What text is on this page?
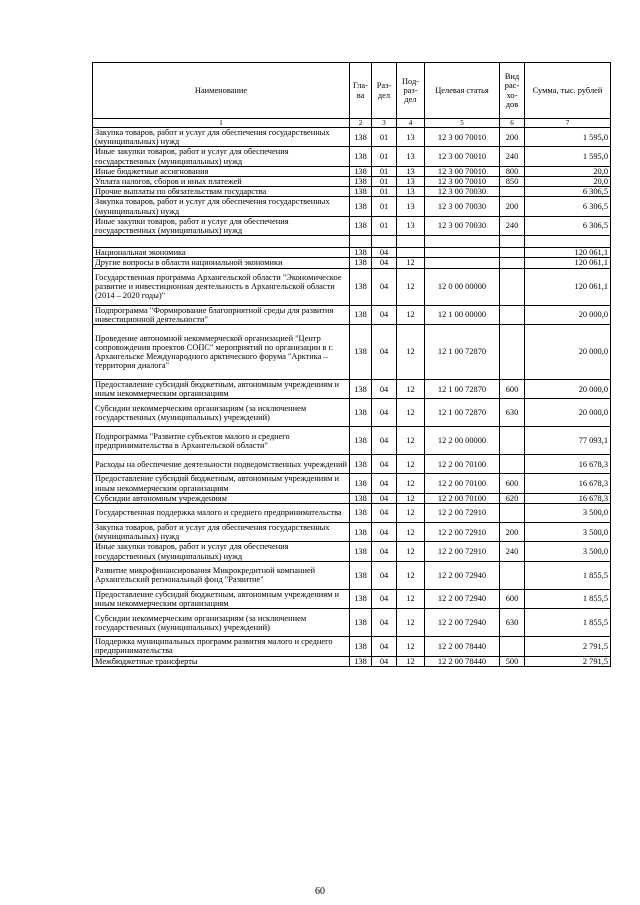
Наименование	Гла-ва	Раз-дел	Под-раз-дел	Целевая статья	Вид рас-хо-дов	Сумма, тыс. рублей
1	2	3	4	5	6	7
Закупка товаров, работ и услуг для обеспечения государственных (муниципальных) нужд	138	01	13	12 3 00 70010	200	1 595,0
Иные закупки товаров, работ и услуг для обеспечения государственных (муниципальных) нужд	138	01	13	12 3 00 70010	240	1 595,0
Иные бюджетные ассигнования	138	01	13	12 3 00 70010	800	20,0
Уплата налогов, сборов и иных платежей	138	01	13	12 3 00 70010	850	20,0
Прочие выплаты по обязательствам государства	138	01	13	12 3 00 70030		6 306,5
Закупка товаров, работ и услуг для обеспечения государственных (муниципальных) нужд	138	01	13	12 3 00 70030	200	6 306,5
Иные закупки товаров, работ и услуг для обеспечения государственных (муниципальных) нужд	138	01	13	12 3 00 70030	240	6 306,5

Национальная экономика	138	04				120 061,1
Другие вопросы в области национальной экономики	138	04	12			120 061,1
Государственная программа Архангельской области "Экономическое развитие и инвестиционная деятельность в Архангельской области (2014 – 2020 годы)"	138	04	12	12 0 00 00000		120 061,1
Подпрограмма "Формирование благоприятной среды для развития инвестиционной деятельности"	138	04	12	12 1 00 00000		20 000,0
Проведение автономной некоммерческой организацией "Центр сопровождения проектов СОПС" мероприятий по организации в г. Архангельске Международного арктического форума "Арктика – территория диалога"	138	04	12	12 1 00 72870		20 000,0
Предоставление субсидий бюджетным, автономным учреждениям и иным некоммерческим организациям	138	04	12	12 1 00 72870	600	20 000,0
Субсидии некоммерческим организациям (за исключением государственных (муниципальных) учреждений)	138	04	12	12 1 00 72870	630	20 000,0
Подпрограмма "Развитие субъектов малого и среднего предпринимательства в Архангельской области"	138	04	12	12 2 00 00000		77 093,1
Расходы на обеспечение деятельности подведомственных учреждений	138	04	12	12 2 00 70100		16 678,3
Предоставление субсидий бюджетным, автономным учреждениям и иным некоммерческим организациям	138	04	12	12 2 00 70100	600	16 678,3
Субсидии автономным учреждениям	138	04	12	12 2 00 70100	620	16 678,3
Государственная поддержка малого и среднего предпринимательства	138	04	12	12 2 00 72910		3 500,0
Закупка товаров, работ и услуг для обеспечения государственных (муниципальных) нужд	138	04	12	12 2 00 72910	200	3 500,0
Иные закупки товаров, работ и услуг для обеспечения государственных (муниципальных) нужд	138	04	12	12 2 00 72910	240	3 500,0
Развитие микрофинансирования Микрокредитной компанией Архангельский региональный фонд "Развитие"	138	04	12	12 2 00 72940		1 855,5
Предоставление субсидий бюджетным, автономным учреждениям и иным некоммерческим организациям	138	04	12	12 2 00 72940	600	1 855,5
Субсидии некоммерческим организациям (за исключением государственных (муниципальных) учреждений)	138	04	12	12 2 00 72940	630	1 855,5
Поддержка муниципальных программ развития малого и среднего предпринимательства	138	04	12	12 2 00 78440		2 791,5
Межбюджетные трансферты	138	04	12	12 2 00 78440	500	2 791,5
60
